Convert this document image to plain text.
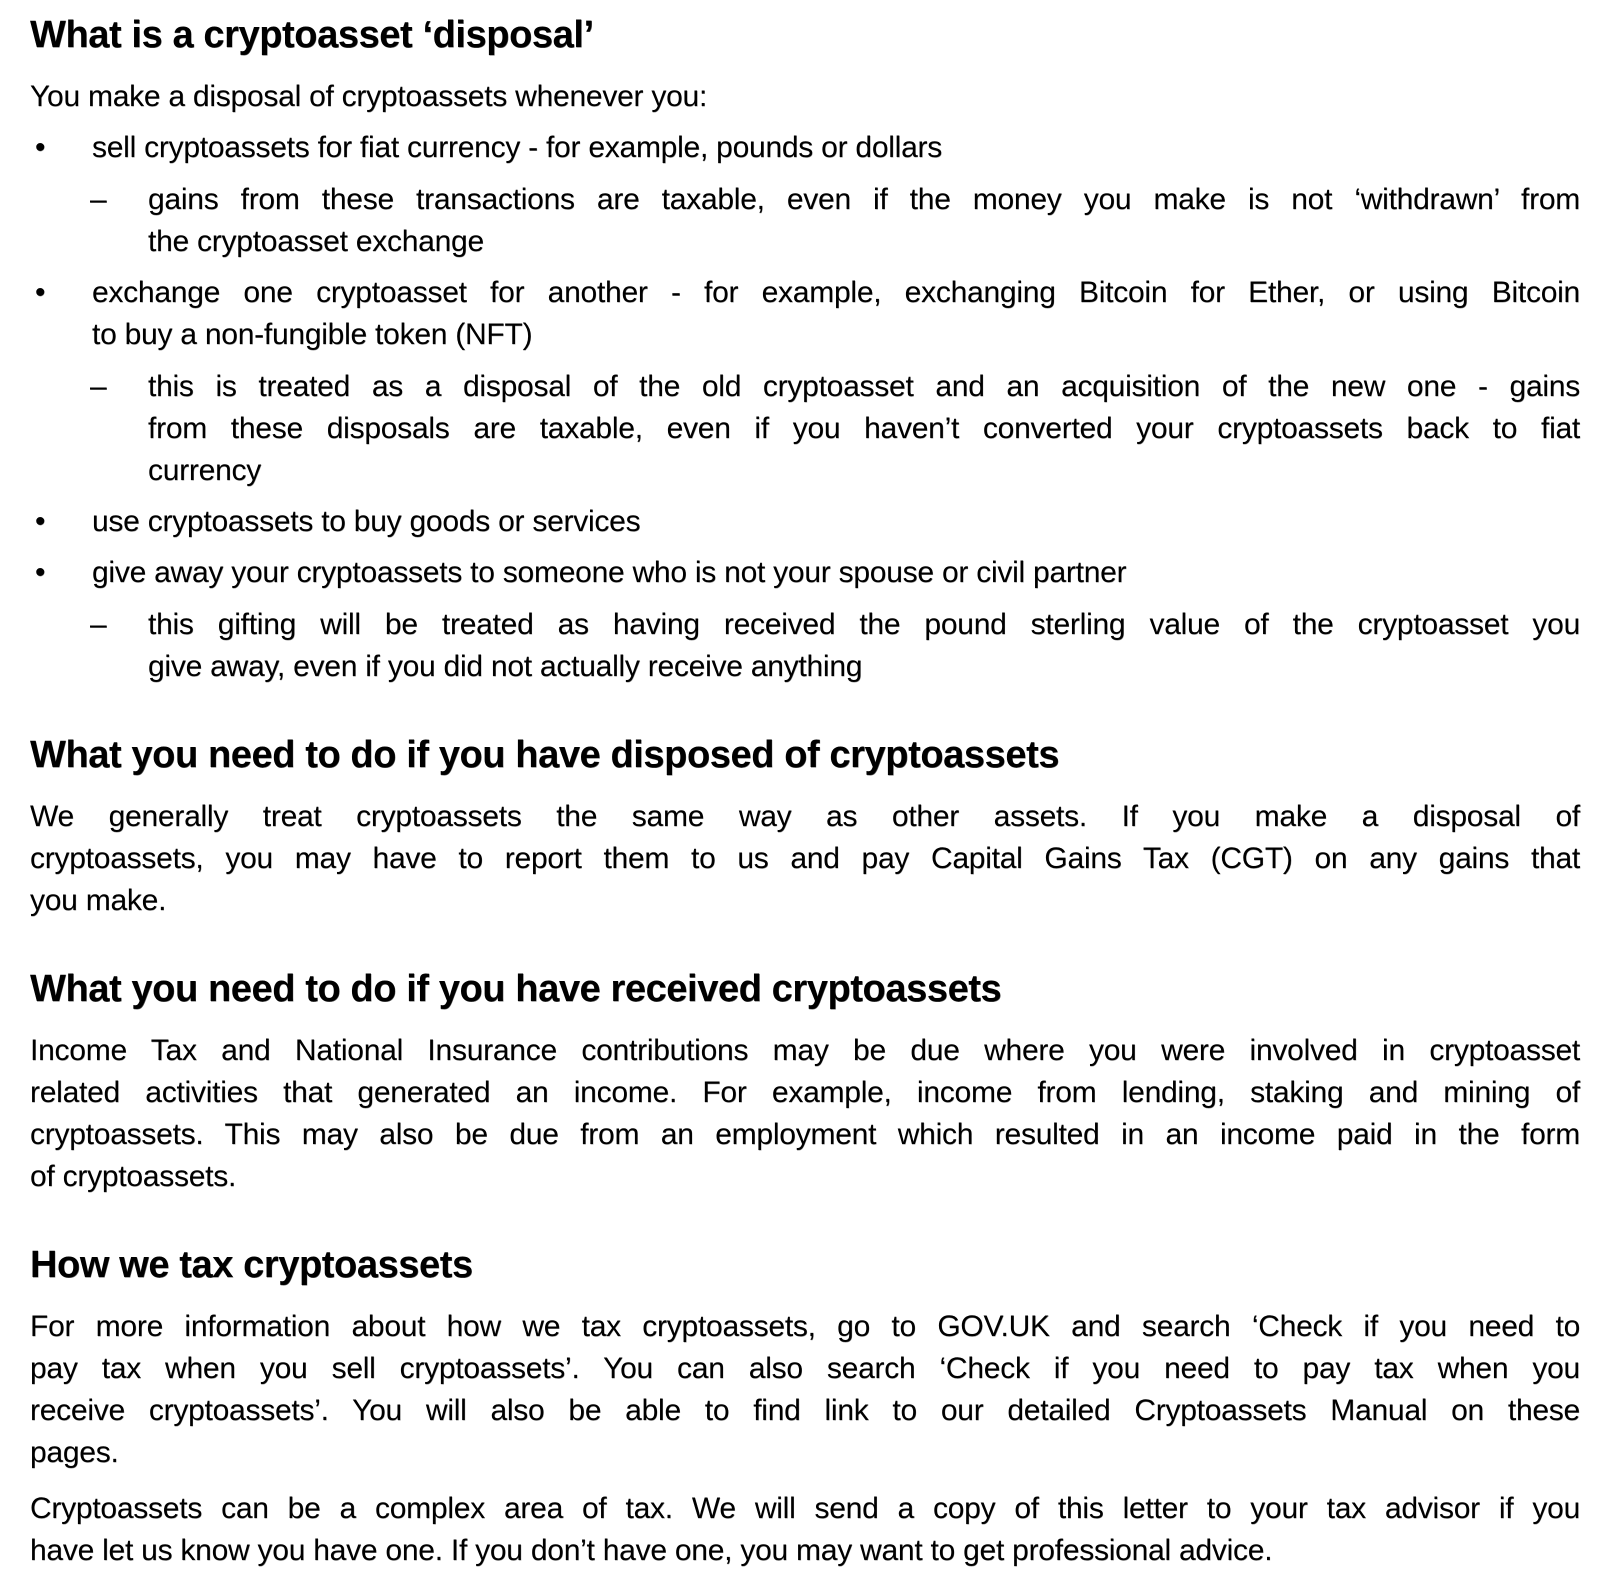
What is a cryptoasset ‘disposal’
You make a disposal of cryptoassets whenever you:
•	sell cryptoassets for fiat currency - for example, pounds or dollars
–	gains from these transactions are taxable, even if the money you make is not ‘withdrawn’ from
the cryptoasset exchange
•	exchange one cryptoasset for another - for example, exchanging Bitcoin for Ether, or using Bitcoin
to buy a non-fungible token (NFT)
–	this is treated as a disposal of the old cryptoasset and an acquisition of the new one - gains
from these disposals are taxable, even if you haven’t converted your cryptoassets back to fiat
currency
•	use cryptoassets to buy goods or services
•	give away your cryptoassets to someone who is not your spouse or civil partner
–	this gifting will be treated as having received the pound sterling value of the cryptoasset you
give away, even if you did not actually receive anything
What you need to do if you have disposed of cryptoassets
We generally treat cryptoassets the same way as other assets. If you make a disposal of
cryptoassets, you may have to report them to us and pay Capital Gains Tax (CGT) on any gains that
you make.
What you need to do if you have received cryptoassets
Income Tax and National Insurance contributions may be due where you were involved in cryptoasset
related activities that generated an income. For example, income from lending, staking and mining of
cryptoassets. This may also be due from an employment which resulted in an income paid in the form
of cryptoassets.
How we tax cryptoassets
For more information about how we tax cryptoassets, go to GOV.UK and search ‘Check if you need to
pay tax when you sell cryptoassets’. You can also search ‘Check if you need to pay tax when you
receive cryptoassets’. You will also be able to find link to our detailed Cryptoassets Manual on these
pages.
Cryptoassets can be a complex area of tax. We will send a copy of this letter to your tax advisor if you
have let us know you have one. If you don’t have one, you may want to get professional advice.
